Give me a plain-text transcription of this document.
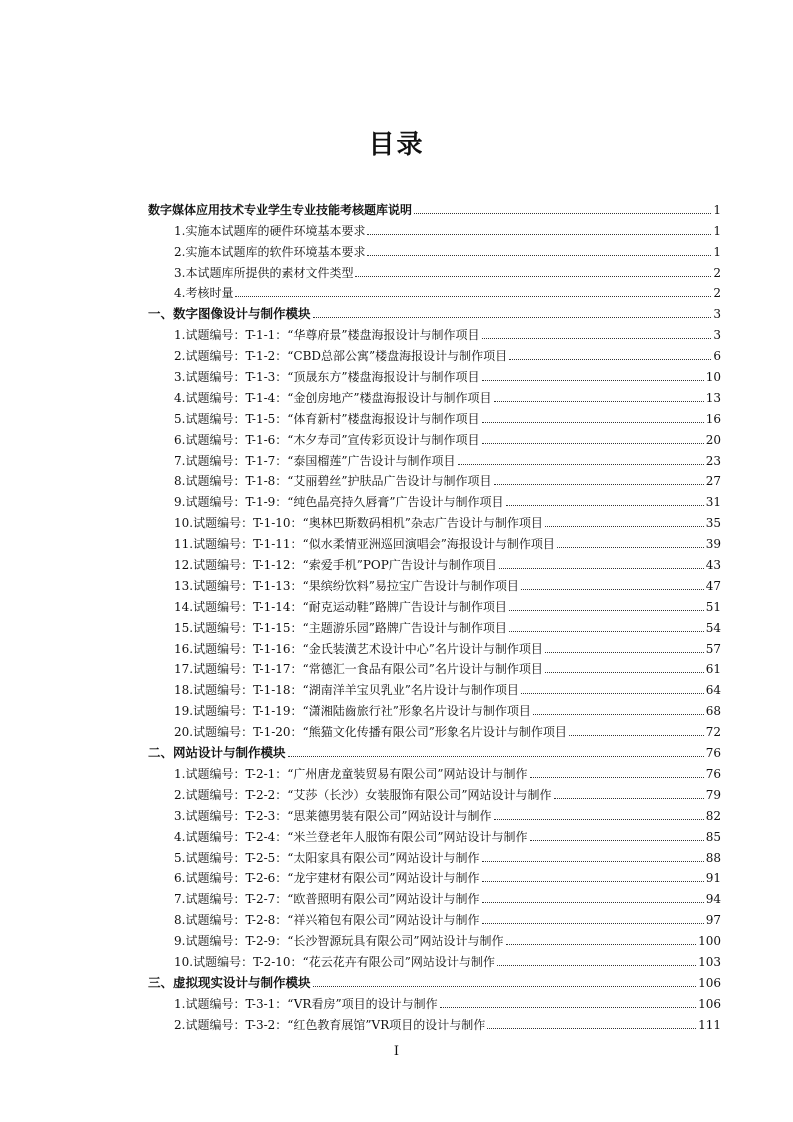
目录
数字媒体应用技术专业学生专业技能考核题库说明	1
1.实施本试题库的硬件环境基本要求	1
2.实施本试题库的软件环境基本要求	1
3.本试题库所提供的素材文件类型	2
4.考核时量	2
一、数字图像设计与制作模块	3
1.试题编号：T-1-1：“华尊府景”楼盘海报设计与制作项目	3
2.试题编号：T-1-2：“CBD总部公寓”楼盘海报设计与制作项目	6
3.试题编号：T-1-3：“顶晟东方”楼盘海报设计与制作项目	10
4.试题编号：T-1-4：“金创房地产”楼盘海报设计与制作项目	13
5.试题编号：T-1-5：“体育新村”楼盘海报设计与制作项目	16
6.试题编号：T-1-6：“木夕寿司”宣传彩页设计与制作项目	20
7.试题编号：T-1-7：“泰国榴莲”广告设计与制作项目	23
8.试题编号：T-1-8：“艾丽碧丝”护肤品广告设计与制作项目	27
9.试题编号：T-1-9：“纯色晶亮持久唇膏”广告设计与制作项目	31
10.试题编号：T-1-10：“奥林巴斯数码相机”杂志广告设计与制作项目	35
11.试题编号：T-1-11：“似水柔情亚洲巡回演唱会”海报设计与制作项目	39
12.试题编号：T-1-12：“索爱手机”POP广告设计与制作项目	43
13.试题编号：T-1-13：“果缤纷饮料”易拉宝广告设计与制作项目	47
14.试题编号：T-1-14：“耐克运动鞋”路牌广告设计与制作项目	51
15.试题编号：T-1-15：“主题游乐园”路牌广告设计与制作项目	54
16.试题编号：T-1-16：“金氏装潢艺术设计中心”名片设计与制作项目	57
17.试题编号：T-1-17：“常德汇一食品有限公司”名片设计与制作项目	61
18.试题编号：T-1-18：“湖南洋羊宝贝乳业”名片设计与制作项目	64
19.试题编号：T-1-19：“潇湘陆齒旅行社”形象名片设计与制作项目	68
20.试题编号：T-1-20：“熊猫文化传播有限公司”形象名片设计与制作项目	72
二、网站设计与制作模块	76
1.试题编号：T-2-1：“广州唐龙童装贸易有限公司”网站设计与制作	76
2.试题编号：T-2-2：“艾莎（长沙）女装服饰有限公司”网站设计与制作	79
3.试题编号：T-2-3：“思莱德男装有限公司”网站设计与制作	82
4.试题编号：T-2-4：“米兰登老年人服饰有限公司”网站设计与制作	85
5.试题编号：T-2-5：“太阳家具有限公司”网站设计与制作	88
6.试题编号：T-2-6：“龙宇建材有限公司”网站设计与制作	91
7.试题编号：T-2-7：“欧普照明有限公司”网站设计与制作	94
8.试题编号：T-2-8：“祥兴箱包有限公司”网站设计与制作	97
9.试题编号：T-2-9：“长沙智源玩具有限公司”网站设计与制作	100
10.试题编号：T-2-10：“花云花卉有限公司”网站设计与制作	103
三、虚拟现实设计与制作模块	106
1.试题编号：T-3-1：“VR看房”项目的设计与制作	106
2.试题编号：T-3-2：“红色教育展馆”VR项目的设计与制作	111
I
